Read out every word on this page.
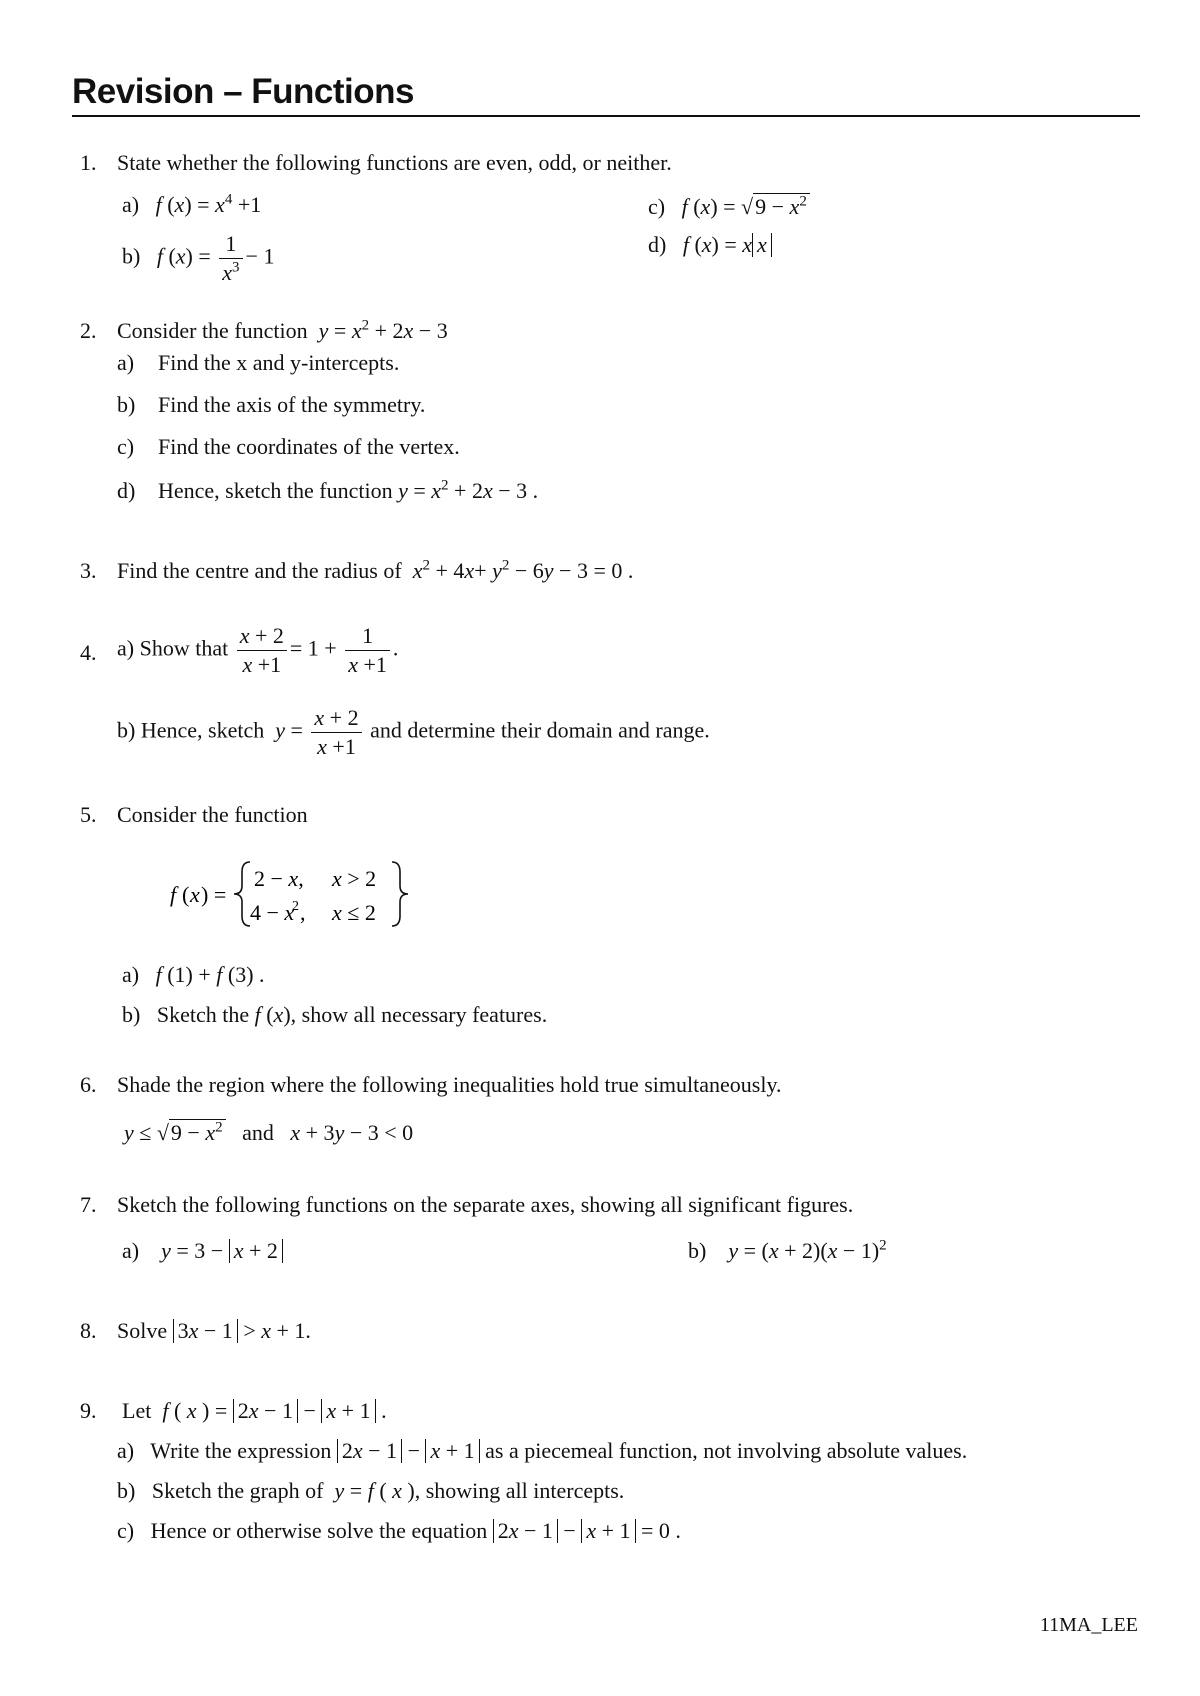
Revision – Functions
1. State whether the following functions are even, odd, or neither.
a) f $(x) = x^4 +1$
b) f $(x) = \frac{1}{x^3} - 1$
c) f $(x) = √9 - x^2$
d) f (x) = x x
2. Consider the function $y = x^2 + 2x - 3$
a) Find the x and y-intercepts.
b) Find the axis of the symmetry.
c) Find the coordinates of the vertex.
d) Hence, sketch the function $y = x^2 + 2x - 3$ .
3. Find the centre and the radius of $x^2 + 4x+ y^2 - 6y - 3 = 0$ .
4. a) Show that $\frac{x + 2}{x +1} = 1 + \frac{1}{x +1}$ .
b) Hence, sketch $y = \frac{x + 2}{x +1}$ and determine their domain and range.
5. Consider the function
f ( x ) =
2 − x, x > 2
4 − x
2 , x ≤ 2
a) f (1) + f (3) .
b) Sketch the f (x), show all necessary features.
6. Shade the region where the following inequalities hold true simultaneously.
$y \le √9 - x^2$ and x + 3y − 3 < 0
7. Sketch the following functions on the separate axes, showing all significant figures.
a) y = 3 − x + 2	b) $y = (x + 2)(x - 1)^2$
8. Solve 3x − 1 > x + 1.
9. Let f ( x ) = 2x − 1 − x + 1 .
a) Write the expression 2x − 1 − x + 1 as a piecemeal function, not involving absolute values.
b) Sketch the graph of y = f ( x ), showing all intercepts.
c) Hence or otherwise solve the equation 2x − 1 − x + 1 = 0 .
11MA_LEE
